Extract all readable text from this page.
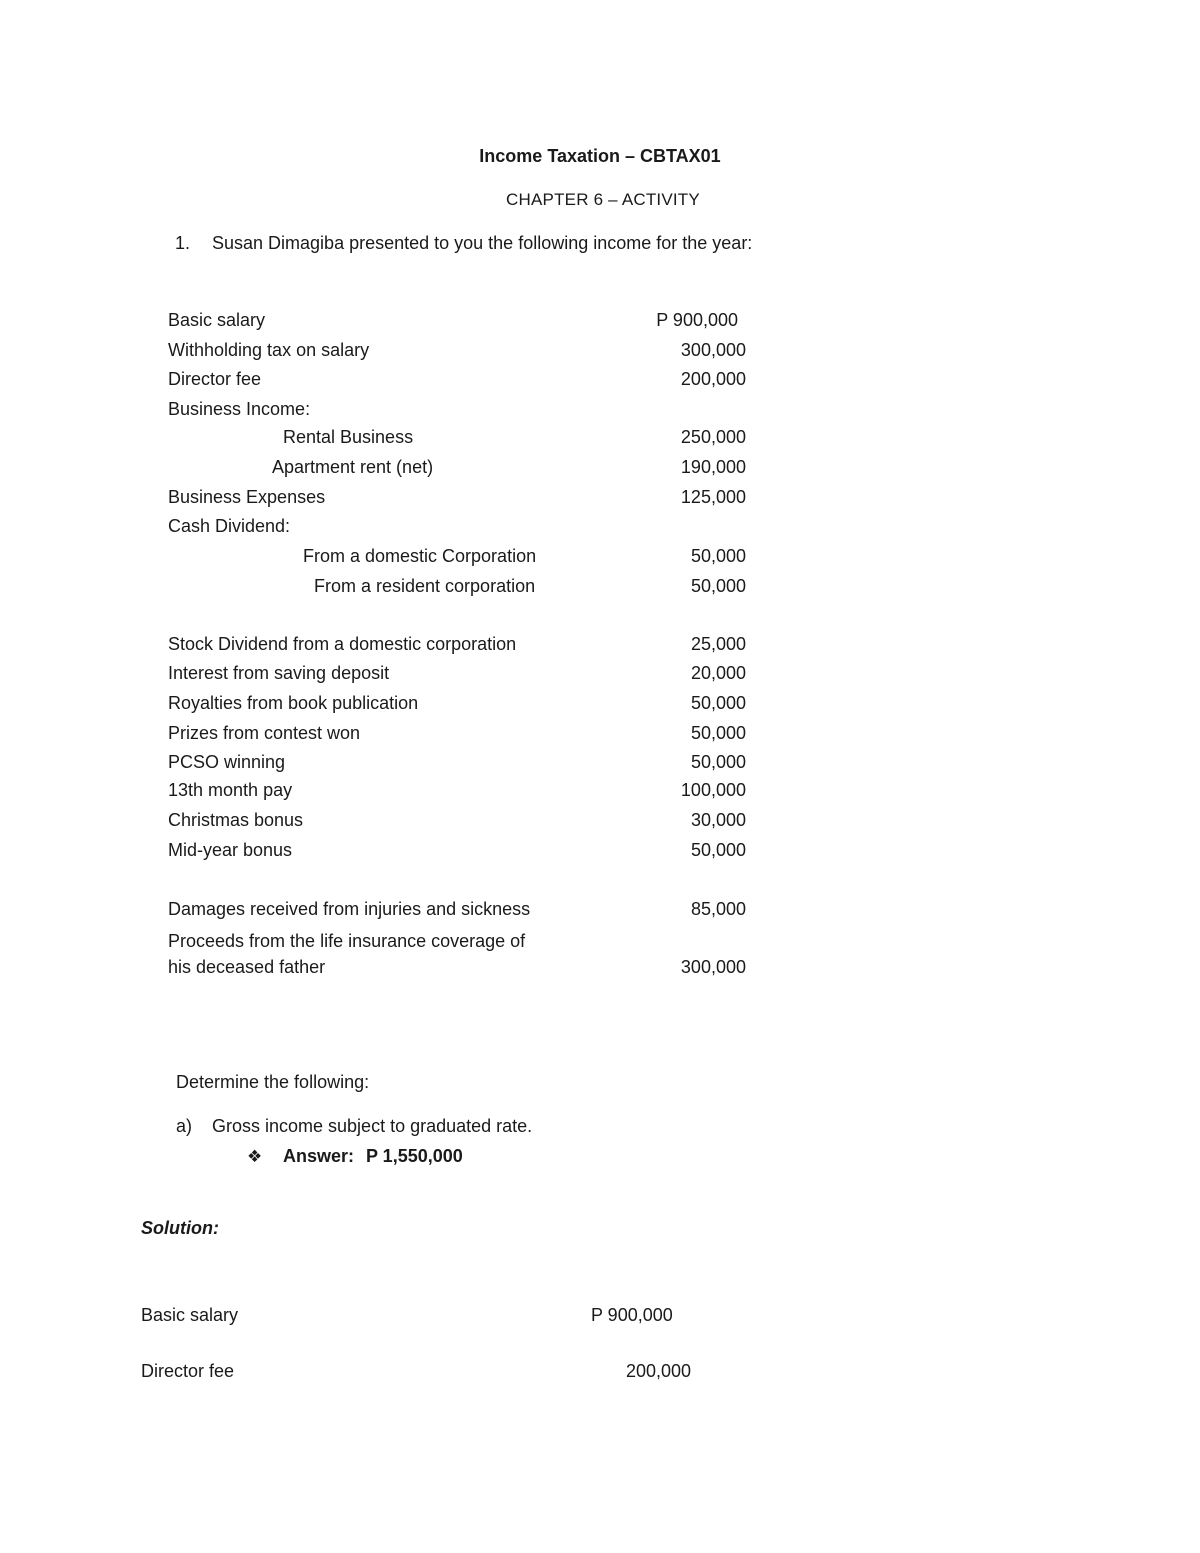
Income Taxation – CBTAX01
CHAPTER 6 – ACTIVITY
1. Susan Dimagiba presented to you the following income for the year:
Basic salary	P 900,000
Withholding tax on salary	300,000
Director fee	200,000
Business Income:
Rental Business	250,000
Apartment rent (net)	190,000
Business Expenses	125,000
Cash Dividend:
From a domestic Corporation	50,000
From a resident corporation	50,000
Stock Dividend from a domestic corporation	25,000
Interest from saving deposit	20,000
Royalties from book publication	50,000
Prizes from contest won	50,000
PCSO winning	50,000
13th month pay	100,000
Christmas bonus	30,000
Mid-year bonus	50,000
Damages received from injuries and sickness	85,000
Proceeds from the life insurance coverage of
his deceased father	300,000
Determine the following:
a) Gross income subject to graduated rate.
❖ Answer: P 1,550,000
Solution:
Basic salary	P 900,000
Director fee	200,000
